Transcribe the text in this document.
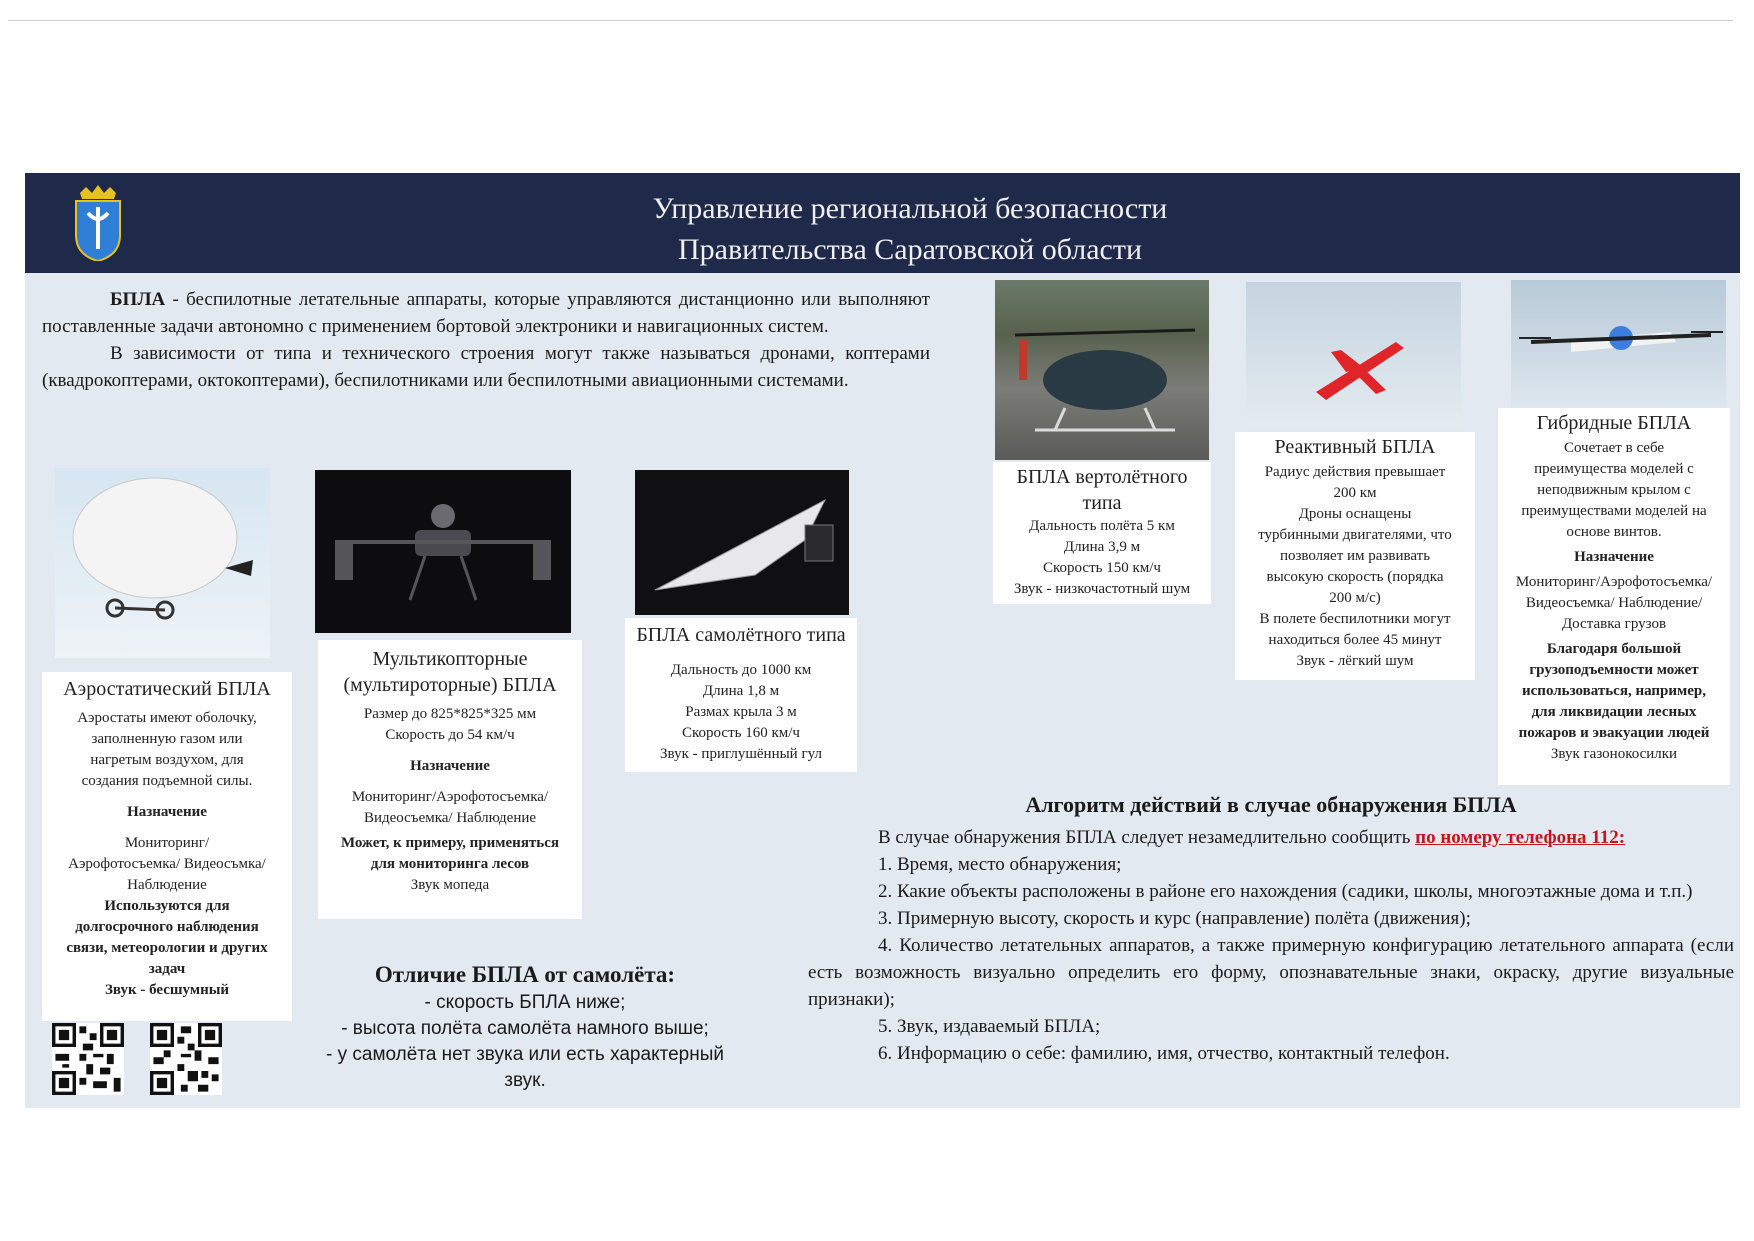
Управление региональной безопасности
Правительства Саратовской области

БПЛА - беспилотные летательные аппараты, которые управляются дистанционно или выполняют поставленные задачи автономно с применением бортовой электроники и навигационных систем.

В зависимости от типа и технического строения могут также называться дронами, коптерами (квадрокоптерами, октокоптерами), беспилотниками или беспилотными авиационными системами.

Аэростатический БПЛА
Аэростаты имеют оболочку,
заполненную газом или
нагретым воздухом, для
создания подъемной силы.
Назначение
Мониторинг/
Аэрофотосъемка/ Видеосъмка/
Наблюдение
Используются для
долгосрочного наблюдения
связи, метеорологии и других
задач
Звук - бесшумный
Мультикопторные
(мультироторные) БПЛА
Размер до 825*825*325 мм
Скорость до 54 км/ч
Назначение
Мониторинг/Аэрофотосъемка/
Видеосъемка/ Наблюдение
Может, к примеру, применяться
для мониторинга лесов
Звук мопеда
БПЛА самолётного типа
Дальность до 1000 км
Длина 1,8 м
Размах крыла 3 м
Скорость 160 км/ч
Звук - приглушённый гул
БПЛА вертолётного
типа
Дальность полёта 5 км
Длина 3,9 м
Скорость 150 км/ч
Звук - низкочастотный шум
Реактивный БПЛА
Радиус действия превышает
200 км
Дроны оснащены
турбинными двигателями, что
позволяет им развивать
высокую скорость (порядка
200 м/с)
В полете беспилотники могут
находиться более 45 минут
Звук - лёгкий шум
Гибридные БПЛА
Сочетает в себе
преимущества моделей с
неподвижным крылом с
преимуществами моделей на
основе винтов.
Назначение
Мониторинг/Аэрофотосъемка/
Видеосъемка/ Наблюдение/
Доставка грузов
Благодаря большой
грузоподъемности может
использоваться, например,
для ликвидации лесных
пожаров и эвакуации людей
Звук газонокосилки
Отличие БПЛА от самолёта:
- скорость БПЛА ниже;
- высота полёта самолёта намного выше;
- у самолёта нет звука или есть характерный
звук.
Алгоритм действий в случае обнаружения БПЛА

В случае обнаружения БПЛА следует незамедлительно сообщить по номеру телефона 112:

1. Время, место обнаружения;

2. Какие объекты расположены в районе его нахождения (садики, школы, многоэтажные дома и т.п.)

3. Примерную высоту, скорость и курс (направление) полёта (движения);

4. Количество летательных аппаратов, а также примерную конфигурацию летательного аппарата (если есть возможность визуально определить его форму, опознавательные знаки, окраску, другие визуальные признаки);

5. Звук, издаваемый БПЛА;

6. Информацию о себе: фамилию, имя, отчество, контактный телефон.
